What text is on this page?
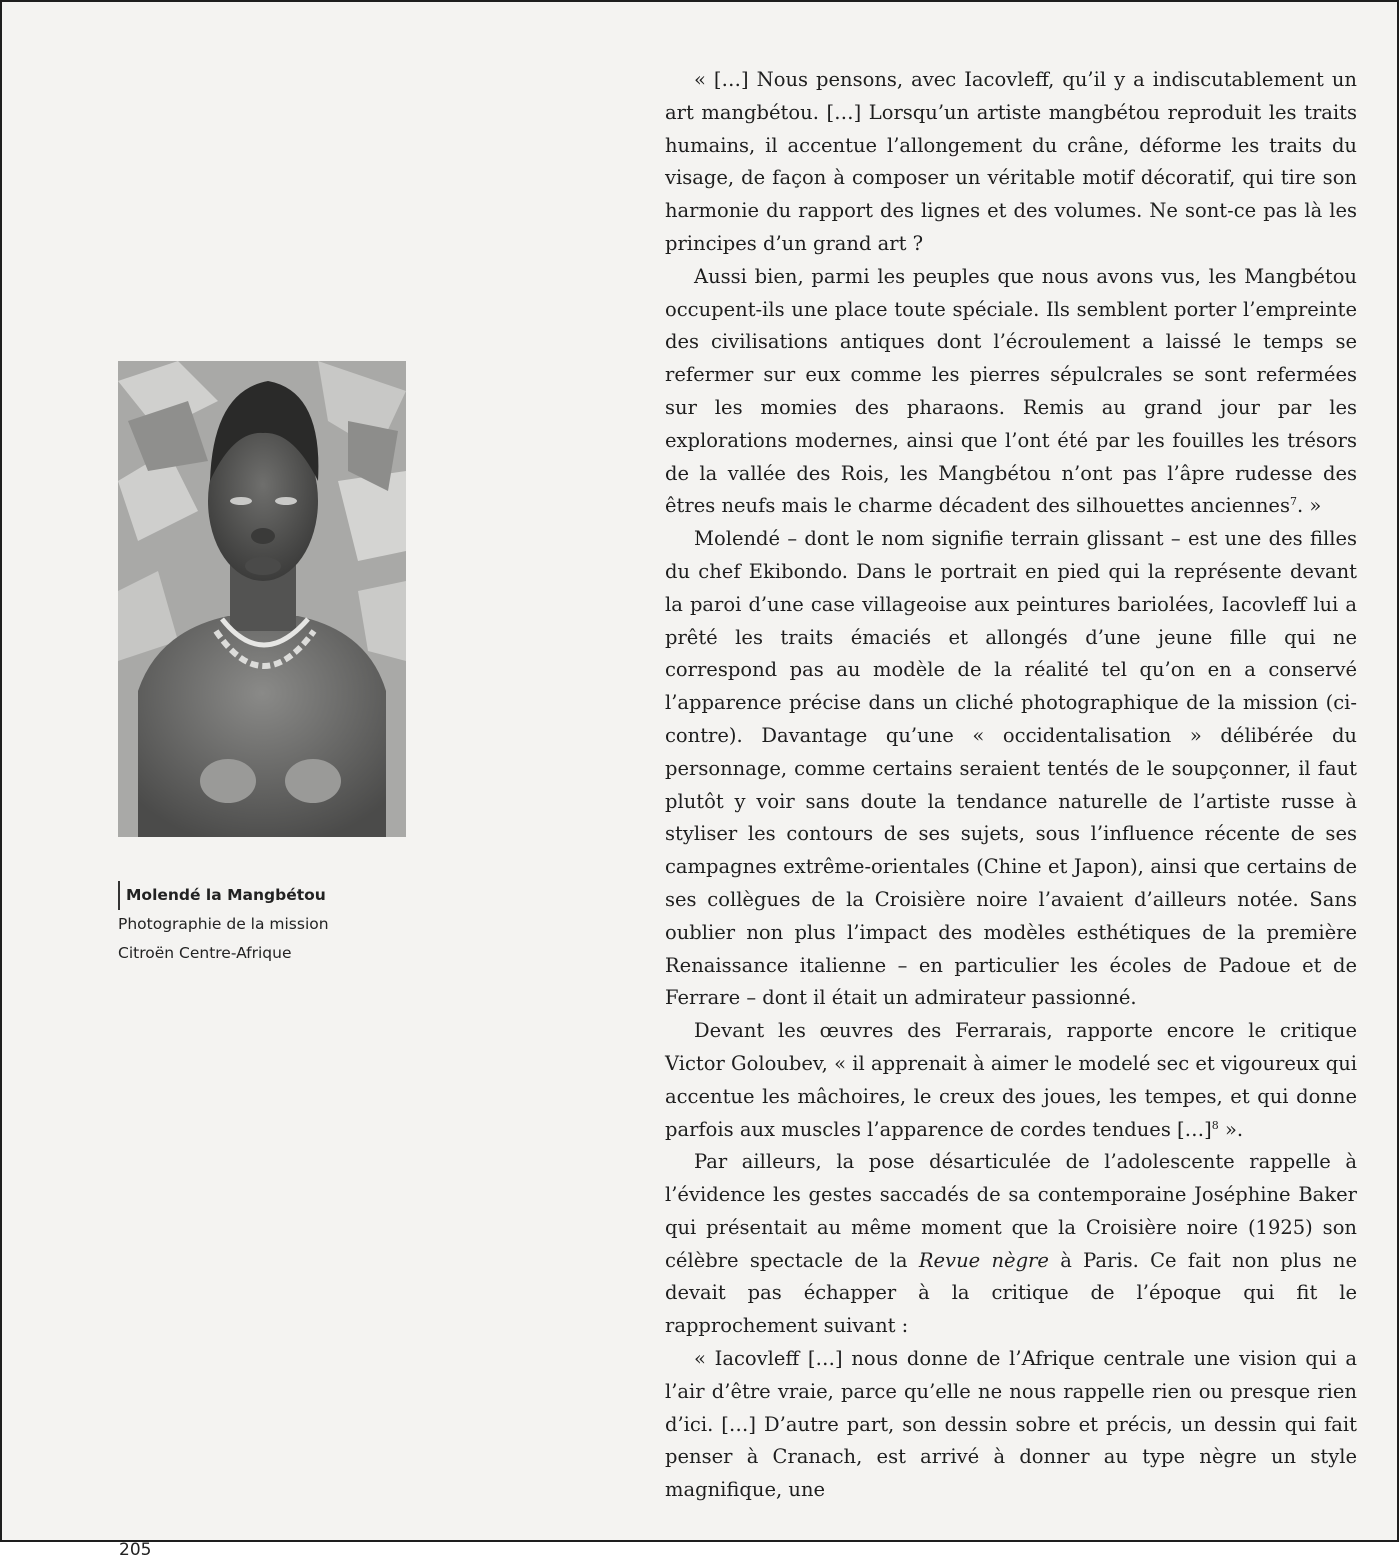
Molendé la Mangbétou
Photographie de la mission
Citroën Centre-Afrique

« […] Nous pensons, avec Iacovleff, qu’il y a indiscutablement un art mangbétou. […] Lorsqu’un artiste mangbétou reproduit les traits humains, il accentue l’allongement du crâne, déforme les traits du visage, de façon à composer un véritable motif décoratif, qui tire son harmonie du rapport des lignes et des volumes. Ne sont-ce pas là les principes d’un grand art ?

Aussi bien, parmi les peuples que nous avons vus, les Mangbétou occupent-ils une place toute spéciale. Ils semblent porter l’empreinte des civilisations antiques dont l’écroulement a laissé le temps se refermer sur eux comme les pierres sépulcrales se sont refermées sur les momies des pharaons. Remis au grand jour par les explorations modernes, ainsi que l’ont été par les fouilles les trésors de la vallée des Rois, les Mangbétou n’ont pas l’âpre rudesse des êtres neufs mais le charme décadent des silhouettes anciennes$^7$. »

Molendé – dont le nom signifie terrain glissant – est une des filles du chef Ekibondo. Dans le portrait en pied qui la représente devant la paroi d’une case villageoise aux peintures bariolées, Iacovleff lui a prêté les traits émaciés et allongés d’une jeune fille qui ne correspond pas au modèle de la réalité tel qu’on en a conservé l’apparence précise dans un cliché photographique de la mission (ci-contre). Davantage qu’une « occidentalisation » délibérée du personnage, comme certains seraient tentés de le soupçonner, il faut plutôt y voir sans doute la tendance naturelle de l’artiste russe à styliser les contours de ses sujets, sous l’influence récente de ses campagnes extrême-orientales (Chine et Japon), ainsi que certains de ses collègues de la Croisière noire l’avaient d’ailleurs notée. Sans oublier non plus l’impact des modèles esthétiques de la première Renaissance italienne – en particulier les écoles de Padoue et de Ferrare – dont il était un admirateur passionné.

Devant les œuvres des Ferrarais, rapporte encore le critique Victor Goloubev, « il apprenait à aimer le modelé sec et vigoureux qui accentue les mâchoires, le creux des joues, les tempes, et qui donne parfois aux muscles l’apparence de cordes tendues […]$^8$ ».

Par ailleurs, la pose désarticulée de l’adolescente rappelle à l’évidence les gestes saccadés de sa contemporaine Joséphine Baker qui présentait au même moment que la Croisière noire (1925) son célèbre spectacle de la Revue nègre à Paris. Ce fait non plus ne devait pas échapper à la critique de l’époque qui fit le rapprochement suivant :

« Iacovleff […] nous donne de l’Afrique centrale une vision qui a l’air d’être vraie, parce qu’elle ne nous rappelle rien ou presque rien d’ici. […] D’autre part, son dessin sobre et précis, un dessin qui fait penser à Cranach, est arrivé à donner au type nègre un style magnifique, une

205
